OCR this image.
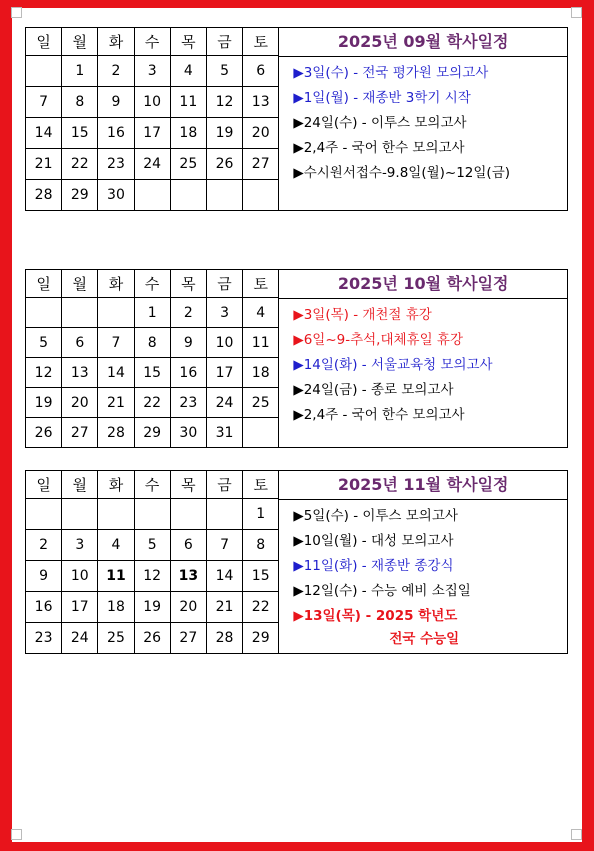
일	월	화	수	목	금	토
	1	2	3	4	5	6
7	8	9	10	11	12	13
14	15	16	17	18	19	20
21	22	23	24	25	26	27
28	29	30				
2025년 09월 학사일정
▶3일(수) - 전국 평가원 모의고사
▶1일(월) - 재종반 3학기 시작
▶24일(수) - 이투스 모의고사
▶2,4주 - 국어 한수 모의고사
▶수시원서접수-9.8일(월)~12일(금)
일	월	화	수	목	금	토
			1	2	3	4
5	6	7	8	9	10	11
12	13	14	15	16	17	18
19	20	21	22	23	24	25
26	27	28	29	30	31	
2025년 10월 학사일정
▶3일(목) - 개천절 휴강
▶6일~9-추석,대체휴일 휴강
▶14일(화) - 서울교육청 모의고사
▶24일(금) - 종로 모의고사
▶2,4주 - 국어 한수 모의고사
일	월	화	수	목	금	토
						1
2	3	4	5	6	7	8
9	10	11	12	13	14	15
16	17	18	19	20	21	22
23	24	25	26	27	28	29
2025년 11월 학사일정
▶5일(수) - 이투스 모의고사
▶10일(월) - 대성 모의고사
▶11일(화) - 재종반 종강식
▶12일(수) - 수능 예비 소집일
▶13일(목) - 2025 학년도
전국 수능일
